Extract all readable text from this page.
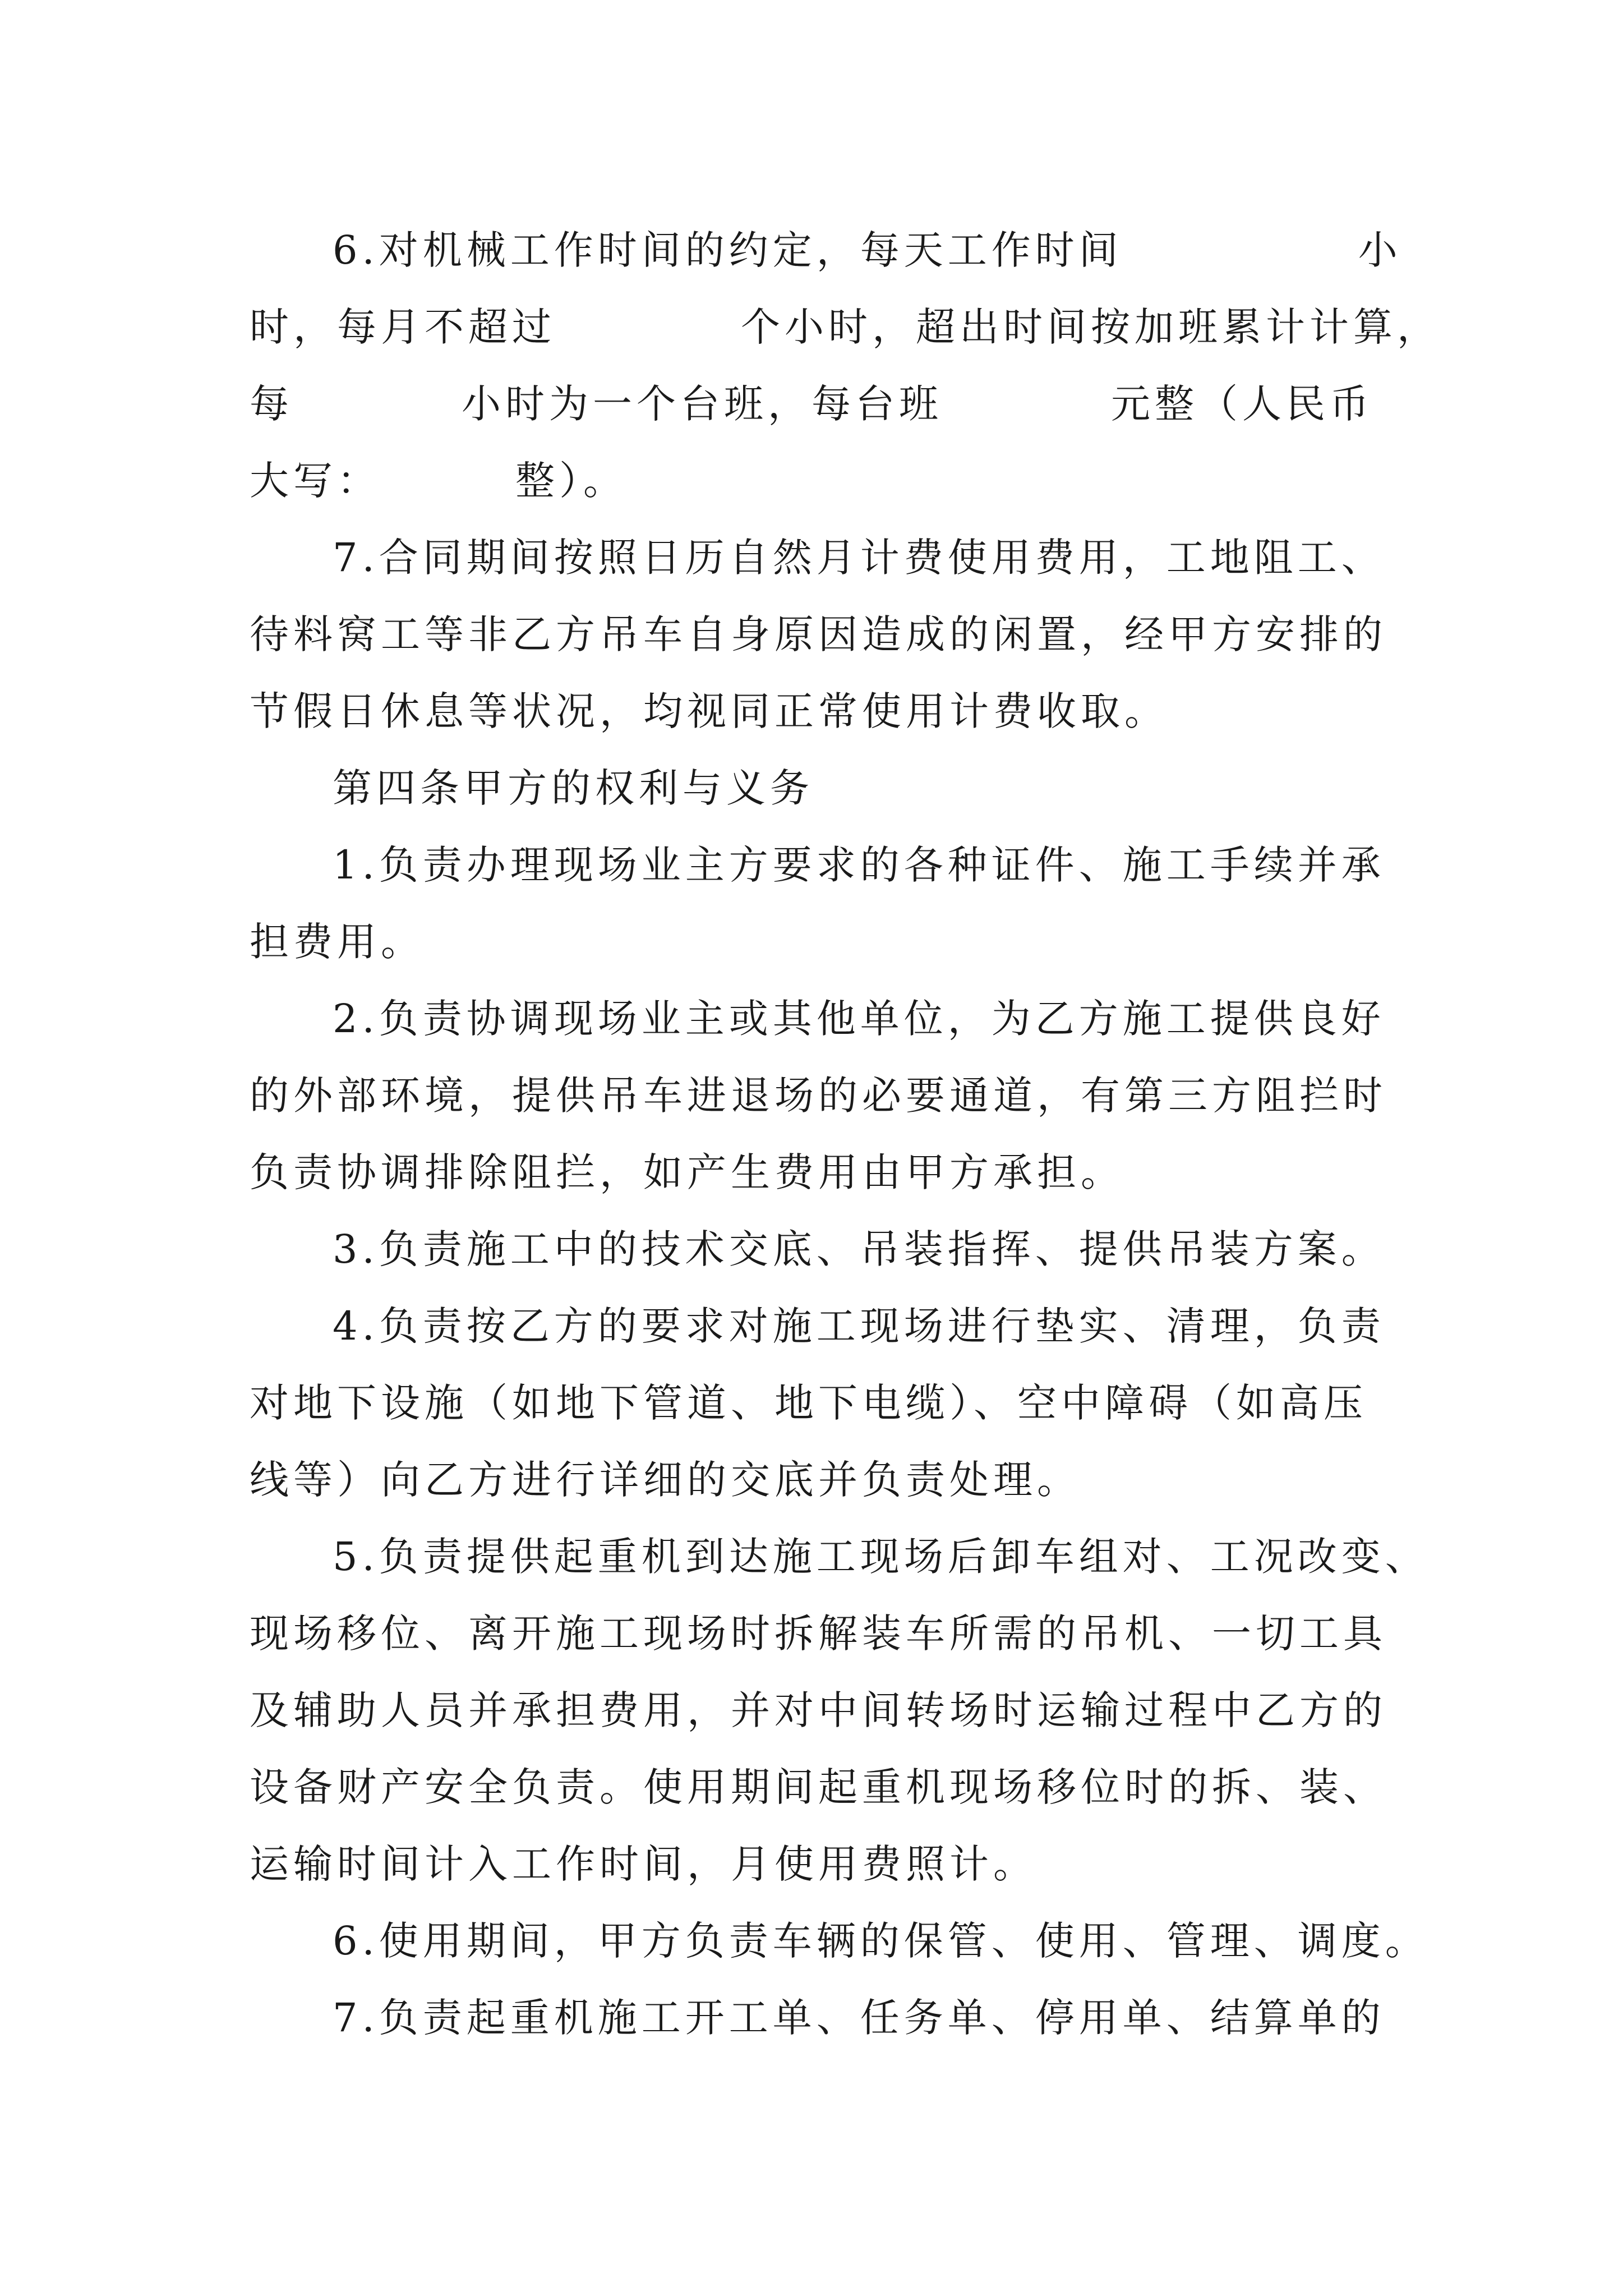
6.对机械工作时间的约定，每天工作时间	小
时，每月不超过	个小时，超出时间按加班累计计算，
每	小时为一个台班，每台班	元整（人民币
大写：	整）。
7.合同期间按照日历自然月计费使用费用，工地阻工、
待料窝工等非乙方吊车自身原因造成的闲置，经甲方安排的
节假日休息等状况，均视同正常使用计费收取。
第四条甲方的权利与义务
1.负责办理现场业主方要求的各种证件、施工手续并承
担费用。
2.负责协调现场业主或其他单位，为乙方施工提供良好
的外部环境，提供吊车进退场的必要通道，有第三方阻拦时
负责协调排除阻拦，如产生费用由甲方承担。
3.负责施工中的技术交底、吊装指挥、提供吊装方案。
4.负责按乙方的要求对施工现场进行垫实、清理，负责
对地下设施（如地下管道、地下电缆）、空中障碍（如高压
线等）向乙方进行详细的交底并负责处理。
5.负责提供起重机到达施工现场后卸车组对、工况改变、
现场移位、离开施工现场时拆解装车所需的吊机、一切工具
及辅助人员并承担费用，并对中间转场时运输过程中乙方的
设备财产安全负责。使用期间起重机现场移位时的拆、装、
运输时间计入工作时间，月使用费照计。
6.使用期间，甲方负责车辆的保管、使用、管理、调度。
7.负责起重机施工开工单、任务单、停用单、结算单的
